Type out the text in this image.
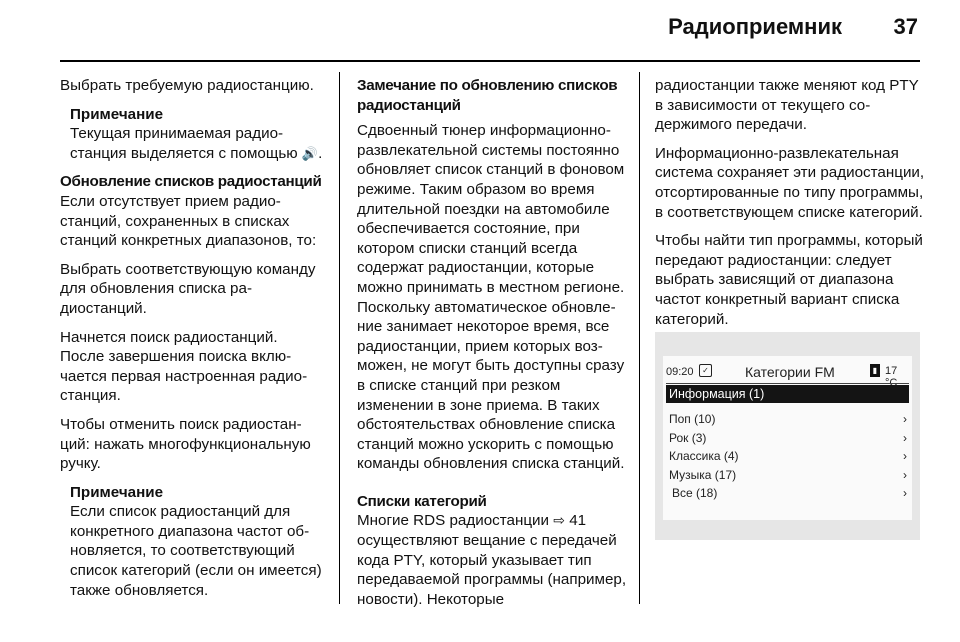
Радиоприемник 37

Выбрать требуемую радиостанцию.

Примечание
Текущая принимаемая радиостанция выделяется с помощью 🔊.
Обновление списков радиостанций

Если отсутствует прием радиостанций, сохраненных в списках станций конкретных диапазонов, то:

Выбрать соответствующую команду для обновления списка радиостанций.

Начнется поиск радиостанций. После завершения поиска включается первая настроенная радиостанция.

Чтобы отменить поиск радиостанций: нажать многофункциональную ручку.

Примечание
Если список радиостанций для конкретного диапазона частот обновляется, то соответствующий список категорий (если он имеется) также обновляется.
Замечание по обновлению списков радиостанций

Сдвоенный тюнер информационно-развлекательной системы постоянно обновляет список станций в фоновом режиме. Таким образом во время длительной поездки на автомобиле обеспечивается состояние, при котором списки станций всегда содержат радиостанции, которые можно принимать в местном регионе. Поскольку автоматическое обновление занимает некоторое время, все радиостанции, прием которых возможен, не могут быть доступны сразу в списке станций при резком изменении в зоне приема. В таких обстоятельствах обновление списка станций можно ускорить с помощью команды обновления списка станций.

Списки категорий

Многие RDS радиостанции ⇨ 41 осуществляют вещание с передачей кода PTY, который указывает тип передаваемой программы (например, новости). Некоторые

радиостанции также меняют код PTY в зависимости от текущего содержимого передачи.

Информационно-развлекательная система сохраняет эти радиостанции, отсортированные по типу программы, в соответствующем списке категорий.

Чтобы найти тип программы, который передают радиостанции: следует выбрать зависящий от диапазона частот конкретный вариант списка категорий.

09:20	✓	Категории FM	▮ 17
Информация (1)
Поп (10)	›
Рок (3)	›
Классика (4)	›
Музыка (17)	›
Все (18)	›
